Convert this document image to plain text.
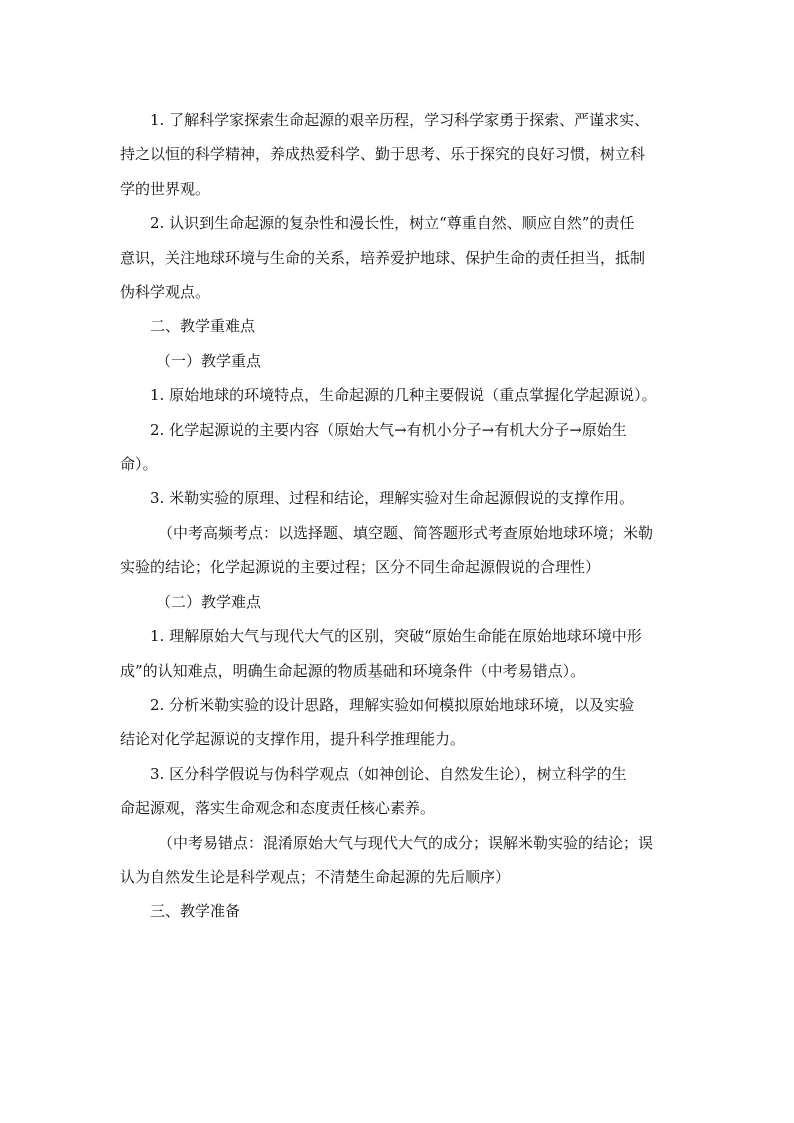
1. 了解科学家探索生命起源的艰辛历程，学习科学家勇于探索、严谨求实、
持之以恒的科学精神，养成热爱科学、勤于思考、乐于探究的良好习惯，树立科
学的世界观。
2. 认识到生命起源的复杂性和漫长性，树立“尊重自然、顺应自然”的责任
意识，关注地球环境与生命的关系，培养爱护地球、保护生命的责任担当，抵制
伪科学观点。
二、教学重难点
（一）教学重点
1. 原始地球的环境特点，生命起源的几种主要假说（重点掌握化学起源说）。
2. 化学起源说的主要内容（原始大气→有机小分子→有机大分子→原始生
命）。
3. 米勒实验的原理、过程和结论，理解实验对生命起源假说的支撑作用。
（中考高频考点：以选择题、填空题、简答题形式考查原始地球环境；米勒
实验的结论；化学起源说的主要过程；区分不同生命起源假说的合理性）
（二）教学难点
1. 理解原始大气与现代大气的区别，突破“原始生命能在原始地球环境中形
成”的认知难点，明确生命起源的物质基础和环境条件（中考易错点）。
2. 分析米勒实验的设计思路，理解实验如何模拟原始地球环境，以及实验
结论对化学起源说的支撑作用，提升科学推理能力。
3. 区分科学假说与伪科学观点（如神创论、自然发生论），树立科学的生
命起源观，落实生命观念和态度责任核心素养。
（中考易错点：混淆原始大气与现代大气的成分；误解米勒实验的结论；误
认为自然发生论是科学观点；不清楚生命起源的先后顺序）
三、教学准备
